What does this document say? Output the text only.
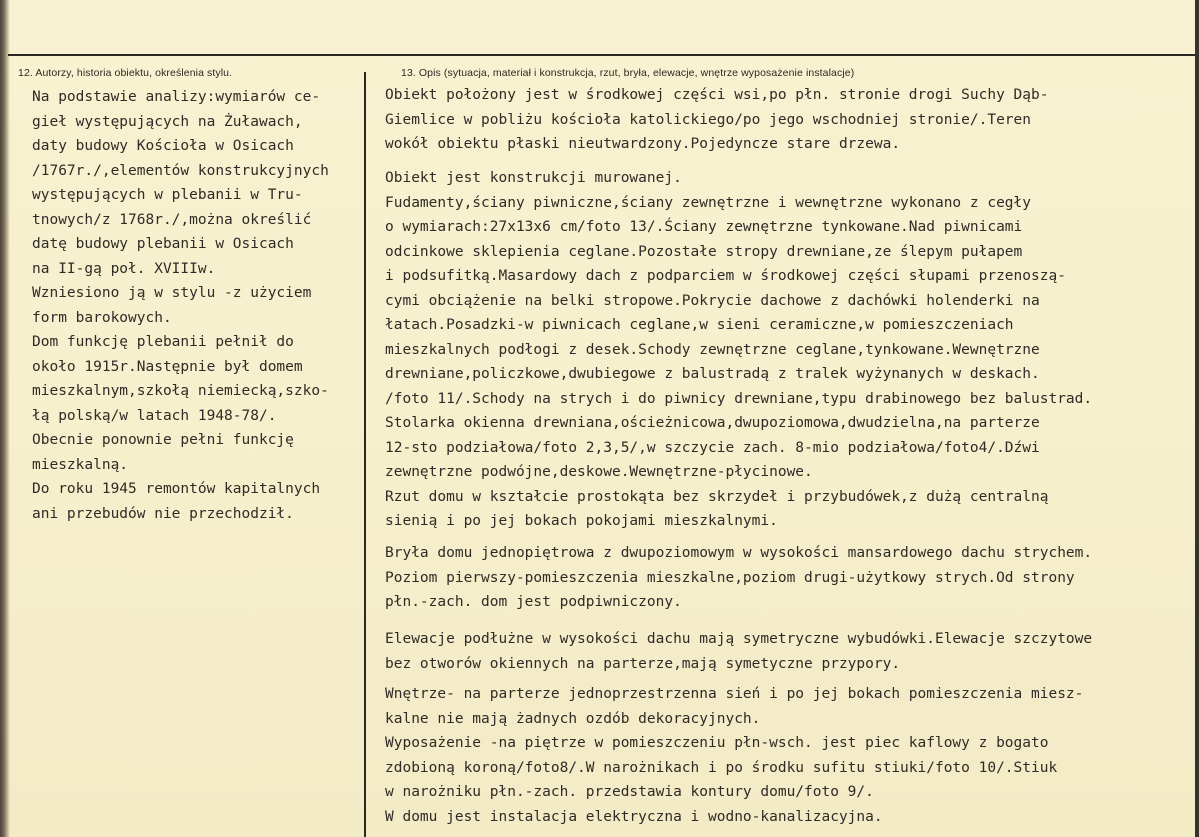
12. Autorzy, historia obiektu, określenia stylu.	13. Opis (sytuacja, materiał i konstrukcja, rzut, bryła, elewacje, wnętrze wyposażenie instalacje)
Na podstawie analizy:wymiarów ce-
gieł występujących na Żuławach,
daty budowy Kościoła w Osicach
/1767r./,elementów konstrukcyjnych
występujących w plebanii w Tru-
tnowych/z 1768r./,można określić
datę budowy plebanii w Osicach
na II-gą poł. XVIIIw.
Wzniesiono ją w stylu -z użyciem
form barokowych.
Dom funkcję plebanii pełnił do
około 1915r.Następnie był domem
mieszkalnym,szkołą niemiecką,szko-
łą polską/w latach 1948-78/.
Obecnie ponownie pełni funkcję
mieszkalną.
Do roku 1945 remontów kapitalnych
ani przebudów nie przechodził.
Obiekt położony jest w środkowej części wsi,po płn. stronie drogi Suchy Dąb-
Giemlice w pobliżu kościoła katolickiego/po jego wschodniej stronie/.Teren
wokół obiektu płaski nieutwardzony.Pojedyncze stare drzewa.
Obiekt jest konstrukcji murowanej.
Fudamenty,ściany piwniczne,ściany zewnętrzne i wewnętrzne wykonano z cegły
o wymiarach:27x13x6 cm/foto 13/.Ściany zewnętrzne tynkowane.Nad piwnicami
odcinkowe sklepienia ceglane.Pozostałe stropy drewniane,ze ślepym pułapem
i podsufitką.Masardowy dach z podparciem w środkowej części słupami przenoszą-
cymi obciążenie na belki stropowe.Pokrycie dachowe z dachówki holenderki na
łatach.Posadzki-w piwnicach ceglane,w sieni ceramiczne,w pomieszczeniach
mieszkalnych podłogi z desek.Schody zewnętrzne ceglane,tynkowane.Wewnętrzne
drewniane,policzkowe,dwubiegowe z balustradą z tralek wyżynanych w deskach.
/foto 11/.Schody na strych i do piwnicy drewniane,typu drabinowego bez balustrad.
Stolarka okienna drewniana,ościeżnicowa,dwupoziomowa,dwudzielna,na parterze
12-sto podziałowa/foto 2,3,5/,w szczycie zach. 8-mio podziałowa/foto4/.Dźwi
zewnętrzne podwójne,deskowe.Wewnętrzne-płycinowe.
Rzut domu w kształcie prostokąta bez skrzydeł i przybudówek,z dużą centralną
sienią i po jej bokach pokojami mieszkalnymi.
Bryła domu jednopiętrowa z dwupoziomowym w wysokości mansardowego dachu strychem.
Poziom pierwszy-pomieszczenia mieszkalne,poziom drugi-użytkowy strych.Od strony
płn.-zach. dom jest podpiwniczony.
Elewacje podłużne w wysokości dachu mają symetryczne wybudówki.Elewacje szczytowe
bez otworów okiennych na parterze,mają symetyczne przypory.
Wnętrze- na parterze jednoprzestrzenna sień i po jej bokach pomieszczenia miesz-
kalne nie mają żadnych ozdób dekoracyjnych.
Wyposażenie -na piętrze w pomieszczeniu płn-wsch. jest piec kaflowy z bogato
zdobioną koroną/foto8/.W narożnikach i po środku sufitu stiuki/foto 10/.Stiuk
w narożniku płn.-zach. przedstawia kontury domu/foto 9/.
W domu jest instalacja elektryczna i wodno-kanalizacyjna.
